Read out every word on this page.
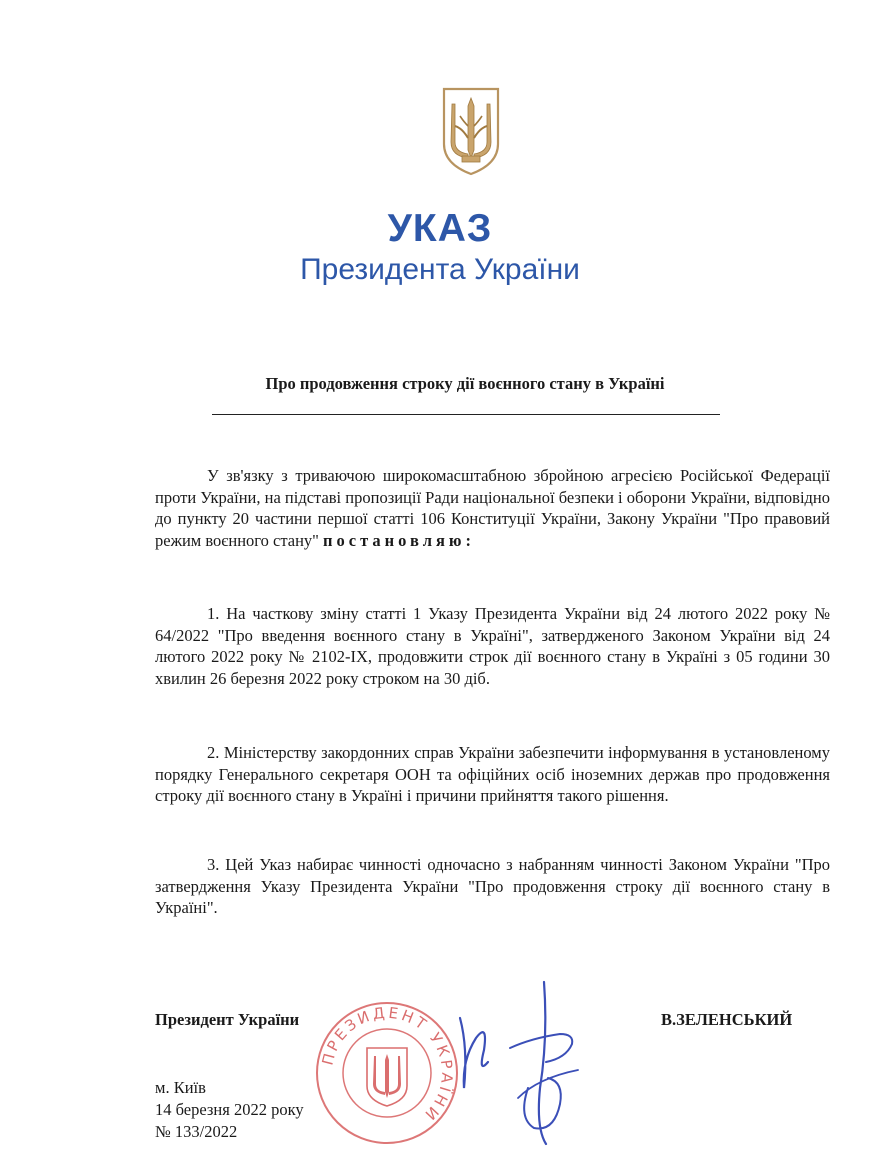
УКАЗ
Президента України
Про продовження строку дії воєнного стану в Україні
У зв'язку з триваючою широкомасштабною збройною агресією Російської Федерації проти України, на підставі пропозиції Ради національної безпеки і оборони України, відповідно до пункту 20 частини першої статті 106 Конституції України, Закону України "Про правовий режим воєнного стану" постановляю:
1. На часткову зміну статті 1 Указу Президента України від 24 лютого 2022 року № 64/2022 "Про введення воєнного стану в Україні", затвердженого Законом України від 24 лютого 2022 року № 2102-IX, продовжити строк дії воєнного стану в Україні з 05 години 30 хвилин 26 березня 2022 року строком на 30 діб.
2. Міністерству закордонних справ України забезпечити інформування в установленому порядку Генерального секретаря ООН та офіційних осіб іноземних держав про продовження строку дії воєнного стану в Україні і причини прийняття такого рішення.
3. Цей Указ набирає чинності одночасно з набранням чинності Законом України "Про затвердження Указу Президента України "Про продовження строку дії воєнного стану в Україні".
ПРЕЗИДЕНТ УКРАЇНИ
Президент України	В.ЗЕЛЕНСЬКИЙ
м. Київ
14 березня 2022 року
№ 133/2022
